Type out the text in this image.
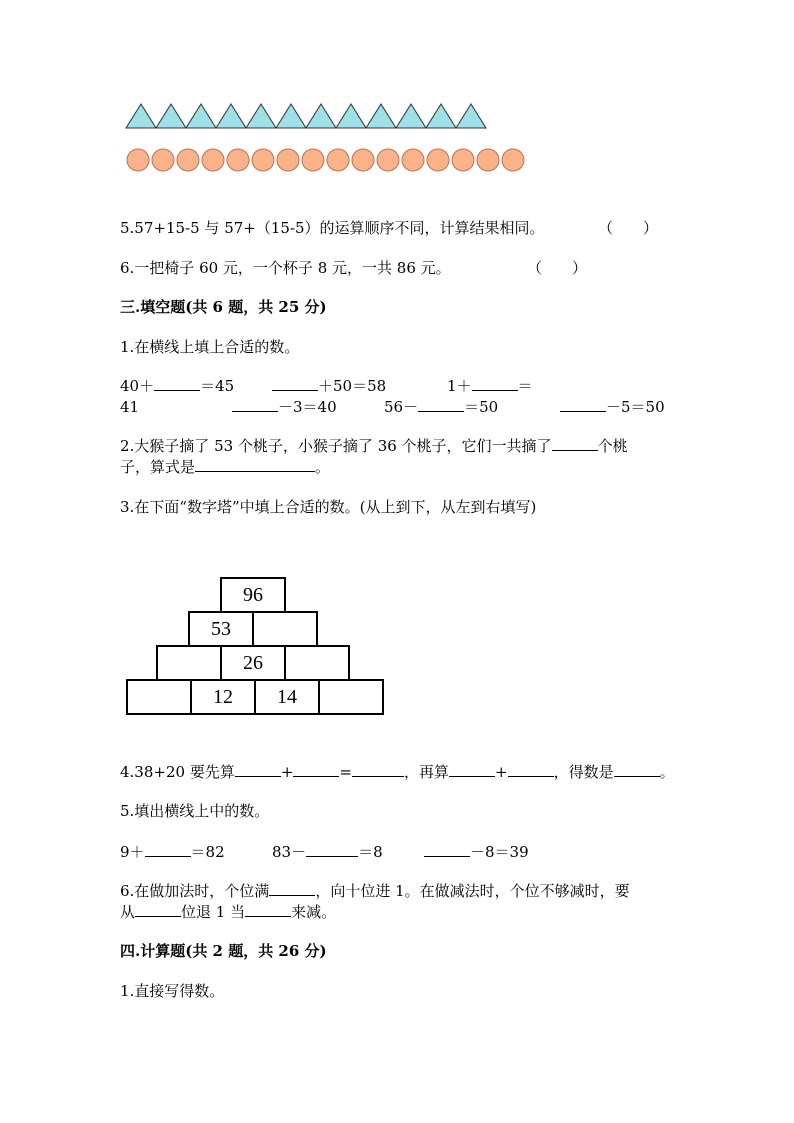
5.57+15-5 与 57+（15-5）的运算顺序不同，计算结果相同。	（　　）
6.一把椅子 60 元，一个杯子 8 元，一共 86 元。	（　　）
三.填空题(共 6 题，共 25 分)
1.在横线上填上合适的数。
40＋	＝45	＋50＝58	1＋	＝
41	－3＝40	56－	＝50	－5＝50
2.大猴子摘了 53 个桃子，小猴子摘了 36 个桃子，它们一共摘了	个桃
子，算式是	。
3.在下面“数字塔”中填上合适的数。(从上到下，从左到右填写)
96
53
26
12	14
4.38+20 要先算	+	=	，再算	+	，得数是	。
5.填出横线上中的数。
9＋	＝82	83－	＝8	－8＝39
6.在做加法时，个位满	，向十位进 1。在做减法时，个位不够减时，要
从	位退 1 当	来减。
四.计算题(共 2 题，共 26 分)
1.直接写得数。
